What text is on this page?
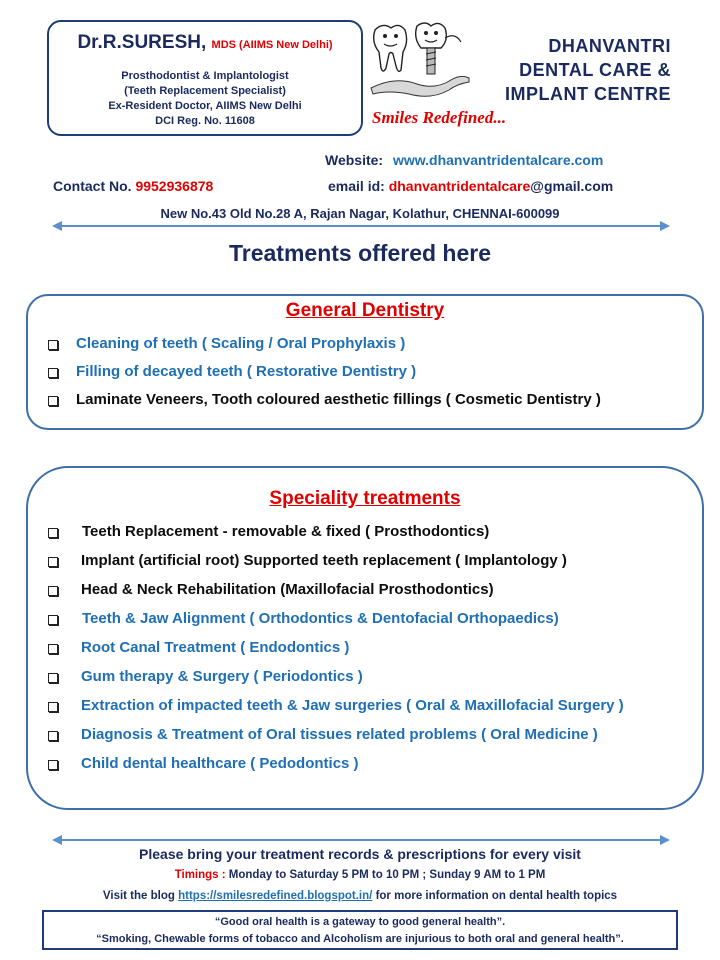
Dr.R.SURESH, MDS (AIIMS New Delhi)
Prosthodontist & Implantologist
(Teeth Replacement Specialist)
Ex-Resident Doctor, AIIMS New Delhi
DCI Reg. No. 11608	Smiles Redefined...
DHANVANTRI
DENTAL CARE &
IMPLANT CENTRE
Website: www.dhanvantridentalcare.com
Contact No. 9952936878	email id: dhanvantridentalcare@gmail.com
New No.43 Old No.28 A, Rajan Nagar, Kolathur, CHENNAI-600099
Treatments offered here
General Dentistry
Cleaning of teeth ( Scaling / Oral Prophylaxis )
Filling of decayed teeth ( Restorative Dentistry )
Laminate Veneers, Tooth coloured aesthetic fillings ( Cosmetic Dentistry )
Speciality treatments
Teeth Replacement - removable & fixed ( Prosthodontics)
Implant (artificial root) Supported teeth replacement ( Implantology )
Head & Neck Rehabilitation (Maxillofacial Prosthodontics)
Teeth & Jaw Alignment ( Orthodontics & Dentofacial Orthopaedics)
Root Canal Treatment ( Endodontics )
Gum therapy & Surgery ( Periodontics )
Extraction of impacted teeth & Jaw surgeries ( Oral & Maxillofacial Surgery )
Diagnosis & Treatment of Oral tissues related problems ( Oral Medicine )
Child dental healthcare ( Pedodontics )
Please bring your treatment records & prescriptions for every visit
Timings : Monday to Saturday 5 PM to 10 PM ; Sunday 9 AM to 1 PM
Visit the blog https://smilesredefined.blogspot.in/ for more information on dental health topics
“Good oral health is a gateway to good general health”.
“Smoking, Chewable forms of tobacco and Alcoholism are injurious to both oral and general health”.
